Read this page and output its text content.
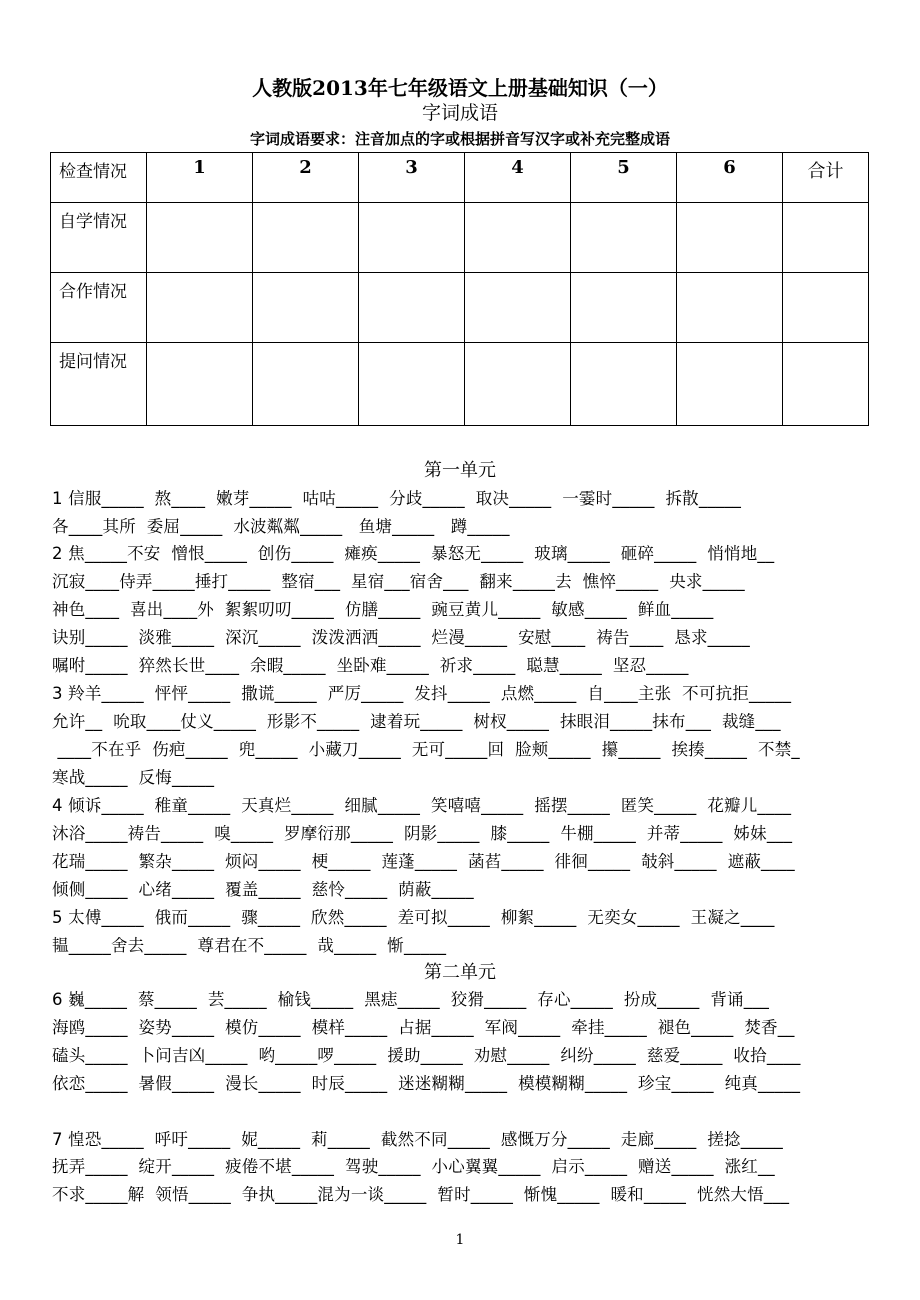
人教版2013年七年级语文上册基础知识（一）
字词成语
字词成语要求：注音加点的字或根据拼音写汉字或补充完整成语
检查情况	1	2	3	4	5	6	合计
自学情况							
合作情况							
提问情况							
第一单元
1 信服_____  熬____  嫩芽_____  咕咕_____  分歧_____  取决_____  一霎时_____  拆散_____
各____其所  委屈_____  水波粼粼_____   鱼塘_____   蹲_____
2 焦_____不安  憎恨_____  创伤_____  瘫痪_____  暴怒无_____  玻璃_____  砸碎_____  悄悄地__
沉寂____侍弄_____捶打_____  整宿___  星宿___宿舍___  翻来_____去  憔悴_____  央求_____
神色____  喜出____外  絮絮叨叨_____  仿膳_____  豌豆黄儿_____  敏感_____  鲜血_____
诀别_____  淡雅_____  深沉_____  泼泼洒洒_____  烂漫_____  安慰____  祷告____  恳求_____
嘱咐_____  猝然长世____  余暇_____  坐卧难_____  祈求_____  聪慧_____  坚忍_____
3 羚羊_____  怦怦_____  撒谎_____  严厉_____  发抖_____  点燃_____  自____主张  不可抗拒_____
允许__  吮取____仗义_____  形影不_____  逮着玩_____  树杈_____  抹眼泪_____抹布___  裁缝___
____不在乎  伤疤_____  兜_____  小藏刀_____  无可_____回  脸颊_____  攥_____  挨揍_____  不禁_
寒战_____  反悔_____
4 倾诉_____  稚童_____  天真烂_____  细腻_____  笑嘻嘻_____  摇摆_____  匿笑_____  花瓣儿____
沐浴_____祷告_____  嗅_____  罗摩衍那_____  阴影_____  膝_____  牛棚_____  并蒂_____  姊妹___
花瑞_____  繁杂_____  烦闷_____  梗_____  莲蓬_____  菡萏_____  徘徊_____  攲斜_____  遮蔽____
倾侧_____  心绪_____  覆盖_____  慈怜_____  荫蔽_____
5 太傅_____  俄而_____  骤_____  欣然_____  差可拟_____  柳絮_____  无奕女_____  王凝之____
韫_____舍去_____  尊君在不_____  哉_____  惭_____
第二单元
6 巍_____  蔡_____  芸_____  榆钱_____  黑痣_____  狡猾_____  存心_____  扮成_____  背诵___
海鸥_____  姿势_____  模仿_____  模样_____  占据_____  军阀_____  牵挂_____  褪色_____  焚香__
磕头_____  卜问吉凶_____  哟_____啰_____  援助_____  劝慰_____  纠纷_____  慈爱_____  收拾____
依恋_____  暑假_____  漫长_____  时辰_____  迷迷糊糊_____  模模糊糊_____  珍宝_____  纯真_____
7 惶恐_____  呼吁_____  妮_____  莉_____  截然不同_____  感慨万分_____  走廊_____  搓捻_____
抚弄_____  绽开_____  疲倦不堪_____  驾驶_____  小心翼翼_____  启示_____  赠送_____  涨红__
不求_____解  领悟_____  争执_____混为一谈_____  暂时_____  惭愧_____  暖和_____  恍然大悟___
1
